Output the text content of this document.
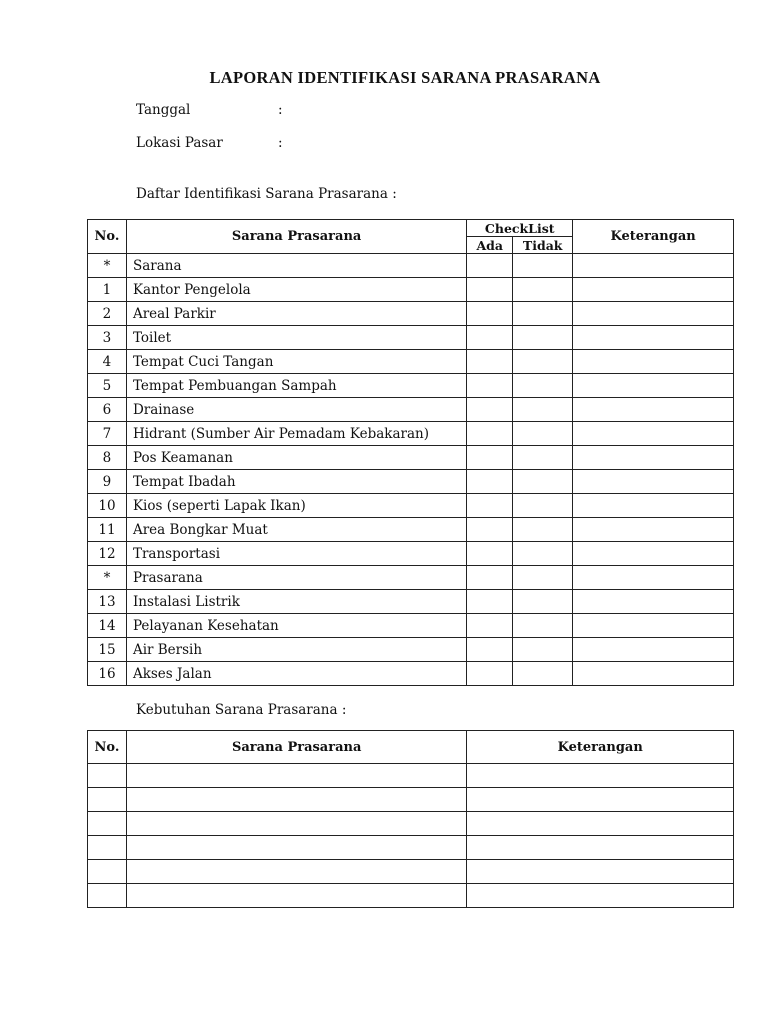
LAPORAN IDENTIFIKASI SARANA PRASARANA
Tanggal	:
Lokasi Pasar	:
Daftar Identifikasi Sarana Prasarana :
No.	Sarana Prasarana	CheckList		Keterangan
		Ada	Tidak	
*	Sarana			
1	Kantor Pengelola			
2	Areal Parkir			
3	Toilet			
4	Tempat Cuci Tangan			
5	Tempat Pembuangan Sampah			
6	Drainase			
7	Hidrant (Sumber Air Pemadam Kebakaran)			
8	Pos Keamanan			
9	Tempat Ibadah			
10	Kios (seperti Lapak Ikan)			
11	Area Bongkar Muat			
12	Transportasi			
*	Prasarana			
13	Instalasi Listrik			
14	Pelayanan Kesehatan			
15	Air Bersih			
16	Akses Jalan			
Kebutuhan Sarana Prasarana :
No.	Sarana Prasarana	Keterangan
